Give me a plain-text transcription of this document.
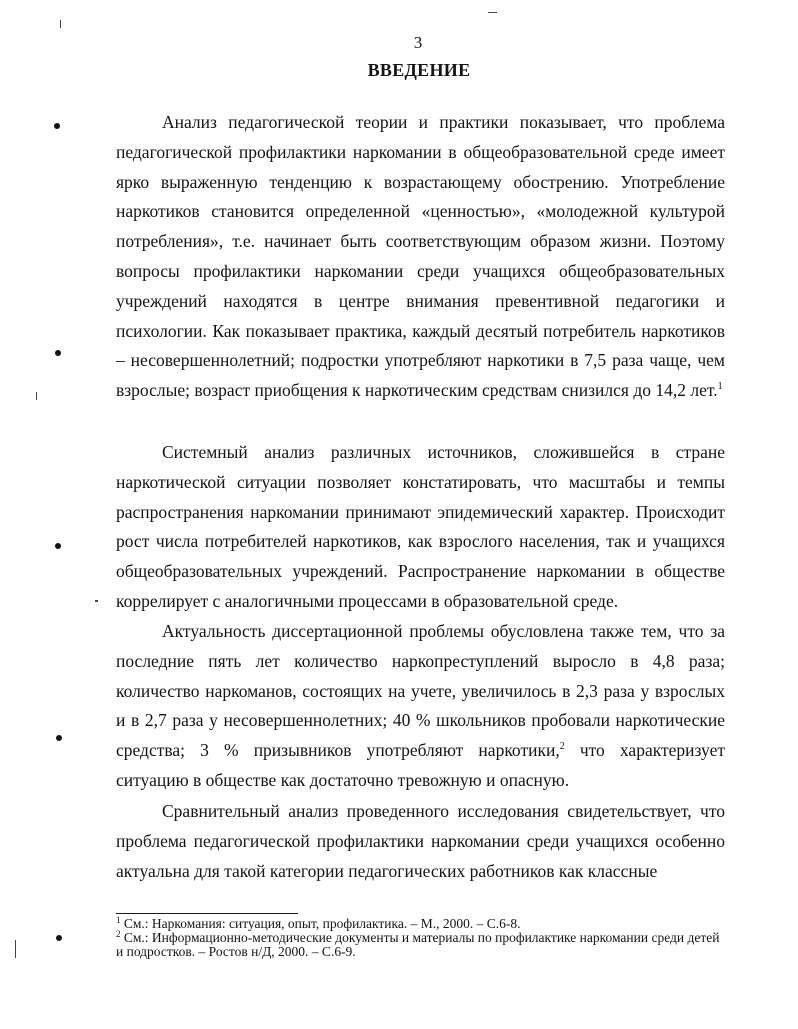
3
ВВЕДЕНИЕ

Анализ педагогической теории и практики показывает, что проблема педагогической профилактики наркомании в общеобразовательной среде имеет ярко выраженную тенденцию к возрастающему обострению. Употребление наркотиков становится определенной «ценностью», «молодежной культурой потребления», т.е. начинает быть соответствующим образом жизни. Поэтому вопросы профилактики наркомании среди учащихся общеобразовательных учреждений находятся в центре внимания превентивной педагогики и психологии. Как показывает практика, каждый десятый потребитель наркотиков – несовершеннолетний; подростки употребляют наркотики в 7,5 раза чаще, чем взрослые; возраст приобщения к наркотическим средствам снизился до 14,2 лет.$^1$

Системный анализ различных источников, сложившейся в стране наркотической ситуации позволяет констатировать, что масштабы и темпы распространения наркомании принимают эпидемический характер. Происходит рост числа потребителей наркотиков, как взрослого населения, так и учащихся общеобразовательных учреждений. Распространение наркомании в обществе коррелирует с аналогичными процессами в образовательной среде.

Актуальность диссертационной проблемы обусловлена также тем, что за последние пять лет количество наркопреступлений выросло в 4,8 раза; количество наркоманов, состоящих на учете, увеличилось в 2,3 раза у взрослых и в 2,7 раза у несовершеннолетних; 40 % школьников пробовали наркотические средства; 3 % призывников употребляют наркотики,$^2$ что характеризует ситуацию в обществе как достаточно тревожную и опасную.

Сравнительный анализ проведенного исследования свидетельствует, что проблема педагогической профилактики наркомании среди учащихся особенно актуальна для такой категории педагогических работников как классные

$^1$ См.: Наркомания: ситуация, опыт, профилактика. – М., 2000. – С.6-8.

$^2$ См.: Информационно-методические документы и материалы по профилактике наркомании среди детей и подростков. – Ростов н/Д, 2000. – С.6-9.
